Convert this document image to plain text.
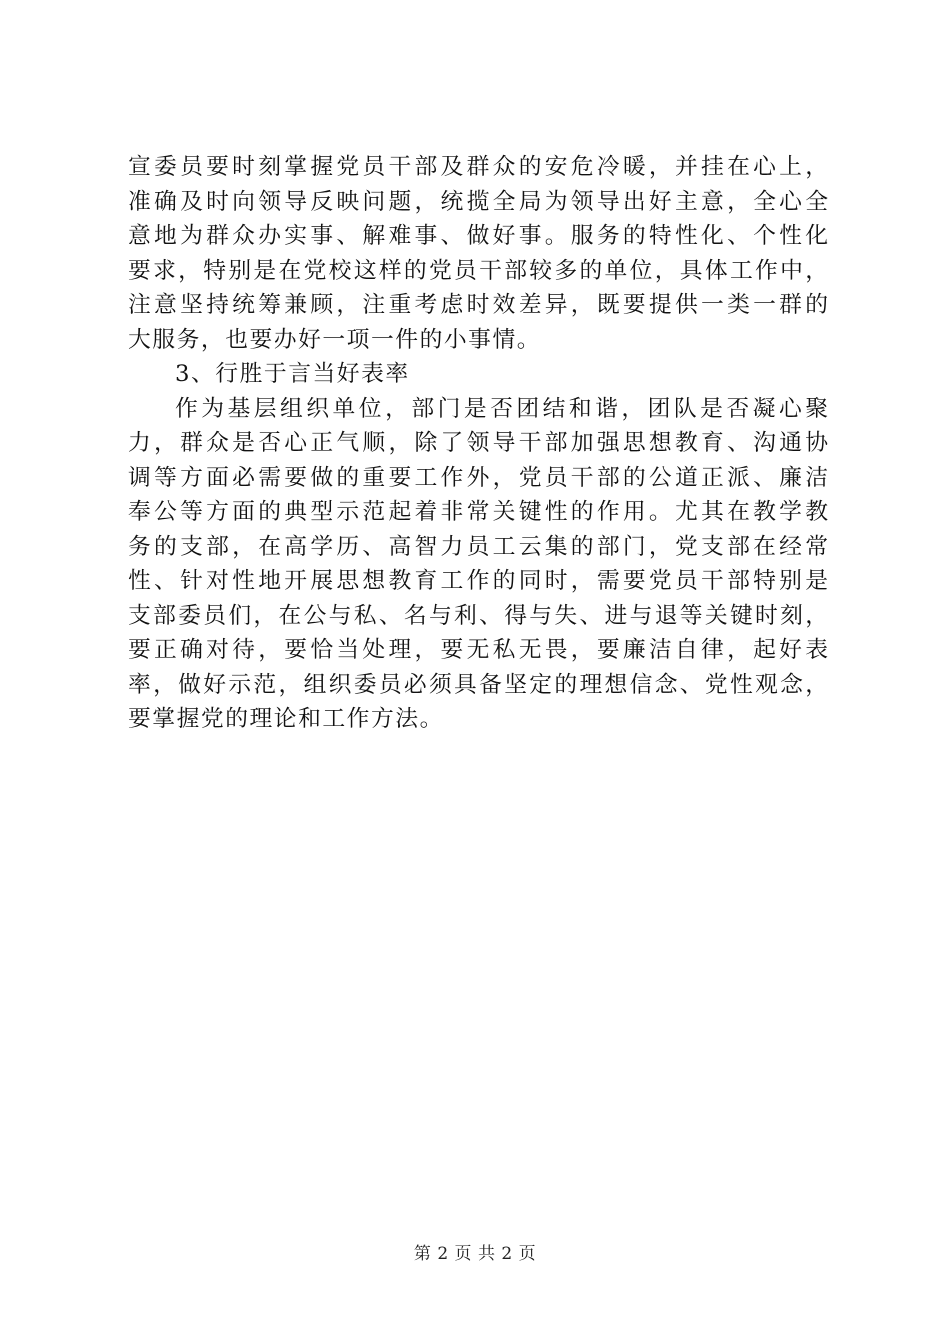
宣委员要时刻掌握党员干部及群众的安危冷暖，并挂在心上，
准确及时向领导反映问题，统揽全局为领导出好主意，全心全
意地为群众办实事、解难事、做好事。服务的特性化、个性化
要求，特别是在党校这样的党员干部较多的单位，具体工作中，
注意坚持统筹兼顾，注重考虑时效差异，既要提供一类一群的
大服务，也要办好一项一件的小事情。
3、行胜于言当好表率
作为基层组织单位，部门是否团结和谐，团队是否凝心聚
力，群众是否心正气顺，除了领导干部加强思想教育、沟通协
调等方面必需要做的重要工作外，党员干部的公道正派、廉洁
奉公等方面的典型示范起着非常关键性的作用。尤其在教学教
务的支部，在高学历、高智力员工云集的部门，党支部在经常
性、针对性地开展思想教育工作的同时，需要党员干部特别是
支部委员们，在公与私、名与利、得与失、进与退等关键时刻，
要正确对待，要恰当处理，要无私无畏，要廉洁自律，起好表
率，做好示范，组织委员必须具备坚定的理想信念、党性观念，
要掌握党的理论和工作方法。
第 2 页 共 2 页
